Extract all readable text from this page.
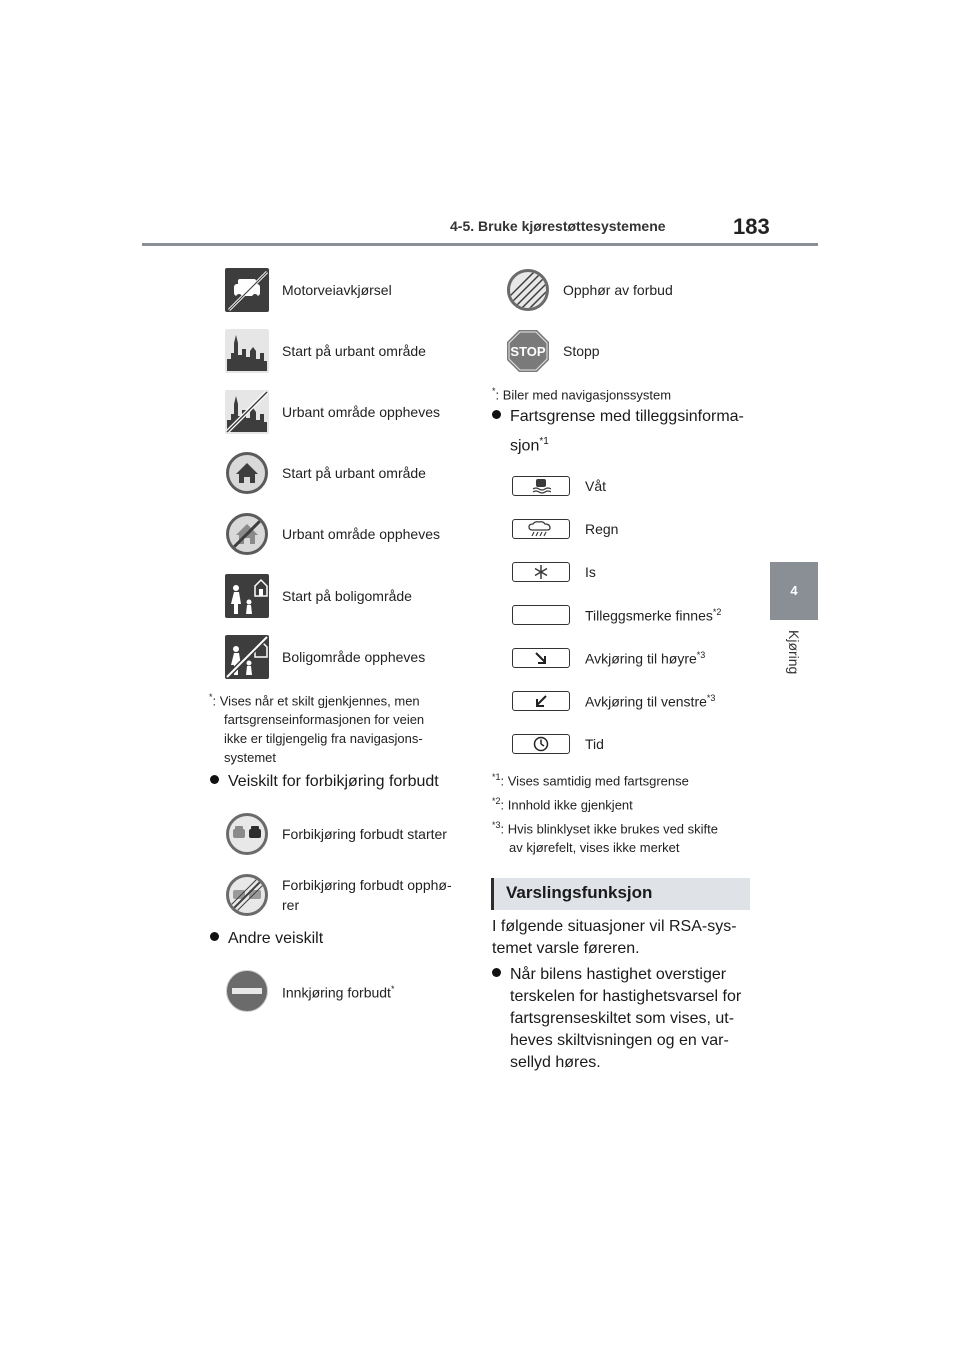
4-5. Bruke kjørestøttesystemene	183
4
Kjøring
Motorveiavkjørsel
Start på urbant område
Urbant område oppheves
Start på urbant område
Urbant område oppheves
Start på boligområde
Boligområde oppheves
*: Vises når et skilt gjenkjennes, men
fartsgrenseinformasjonen for veien
ikke er tilgjengelig fra navigasjons-
systemet
Veiskilt for forbikjøring forbudt
Forbikjøring forbudt starter
Forbikjøring forbudt opphø-
rer
Andre veiskilt
Innkjøring forbudt*
Opphør av forbud
STOP Stopp
*: Biler med navigasjonssystem
Fartsgrense med tilleggsinforma-
sjon$^{*1}$
Våt
Regn
Is
Tilleggsmerke finnes$^{*2}$
Avkjøring til høyre$^{*3}$
Avkjøring til venstre$^{*3}$
Tid
$^{*1}$: Vises samtidig med fartsgrense
$^{*2}$: Innhold ikke gjenkjent
$^{*3}$: Hvis blinklyset ikke brukes ved skifte
av kjørefelt, vises ikke merket
Varslingsfunksjon
I følgende situasjoner vil RSA-sys-
temet varsle føreren.
Når bilens hastighet overstiger
terskelen for hastighetsvarsel for
fartsgrenseskiltet som vises, ut-
heves skiltvisningen og en var-
sellyd høres.
